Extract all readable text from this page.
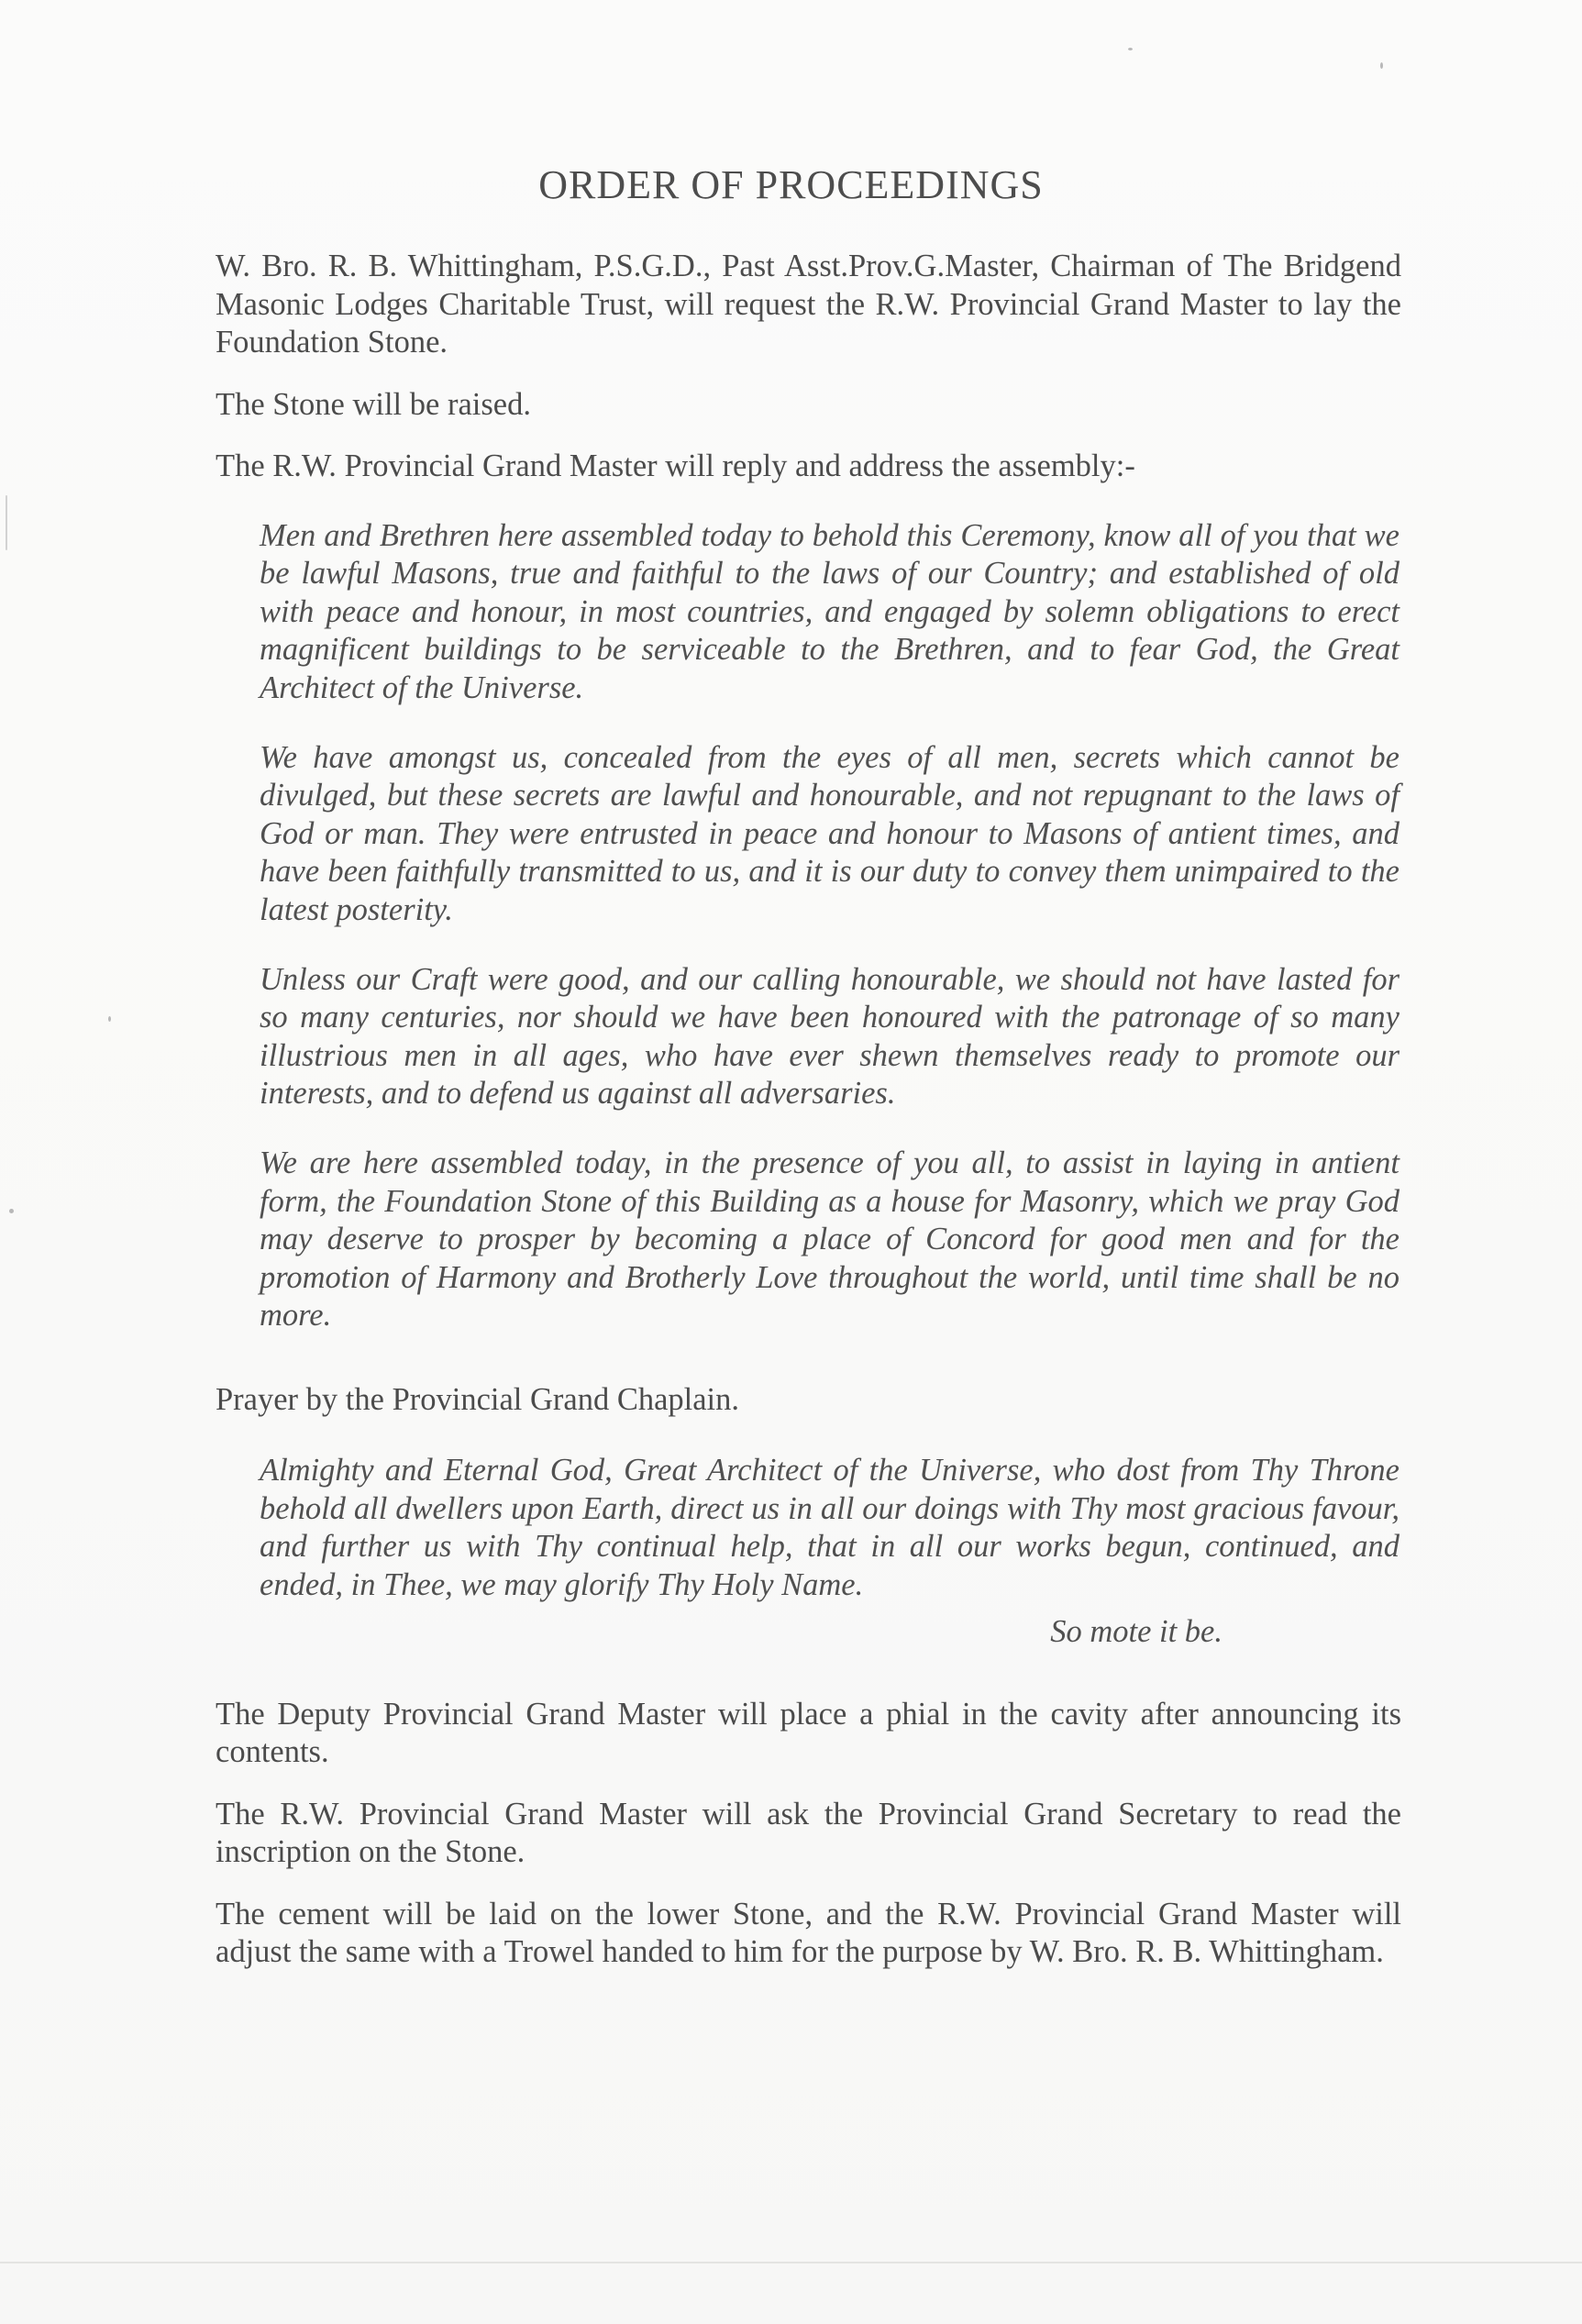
ORDER OF PROCEEDINGS

W. Bro. R. B. Whittingham, P.S.G.D., Past Asst.Prov.G.Master, Chairman of The Bridgend Masonic Lodges Charitable Trust, will request the R.W. Provincial Grand Master to lay the Foundation Stone.

The Stone will be raised.

The R.W. Provincial Grand Master will reply and address the assembly:-

Men and Brethren here assembled today to behold this Ceremony, know all of you that we be lawful Masons, true and faithful to the laws of our Country; and established of old with peace and honour, in most countries, and engaged by solemn obligations to erect magnificent buildings to be serviceable to the Brethren, and to fear God, the Great Architect of the Universe.

We have amongst us, concealed from the eyes of all men, secrets which cannot be divulged, but these secrets are lawful and honourable, and not repugnant to the laws of God or man. They were entrusted in peace and honour to Masons of antient times, and have been faithfully transmitted to us, and it is our duty to convey them unimpaired to the latest posterity.

Unless our Craft were good, and our calling honourable, we should not have lasted for so many centuries, nor should we have been honoured with the patronage of so many illustrious men in all ages, who have ever shewn themselves ready to promote our interests, and to defend us against all adversaries.

We are here assembled today, in the presence of you all, to assist in laying in antient form, the Foundation Stone of this Building as a house for Masonry, which we pray God may deserve to prosper by becoming a place of Concord for good men and for the promotion of Harmony and Brotherly Love throughout the world, until time shall be no more.

Prayer by the Provincial Grand Chaplain.

Almighty and Eternal God, Great Architect of the Universe, who dost from Thy Throne behold all dwellers upon Earth, direct us in all our doings with Thy most gracious favour, and further us with Thy continual help, that in all our works begun, continued, and ended, in Thee, we may glorify Thy Holy Name.

So mote it be.

The Deputy Provincial Grand Master will place a phial in the cavity after announcing its contents.

The R.W. Provincial Grand Master will ask the Provincial Grand Secretary to read the inscription on the Stone.

The cement will be laid on the lower Stone, and the R.W. Provincial Grand Master will adjust the same with a Trowel handed to him for the purpose by W. Bro. R. B. Whittingham.
